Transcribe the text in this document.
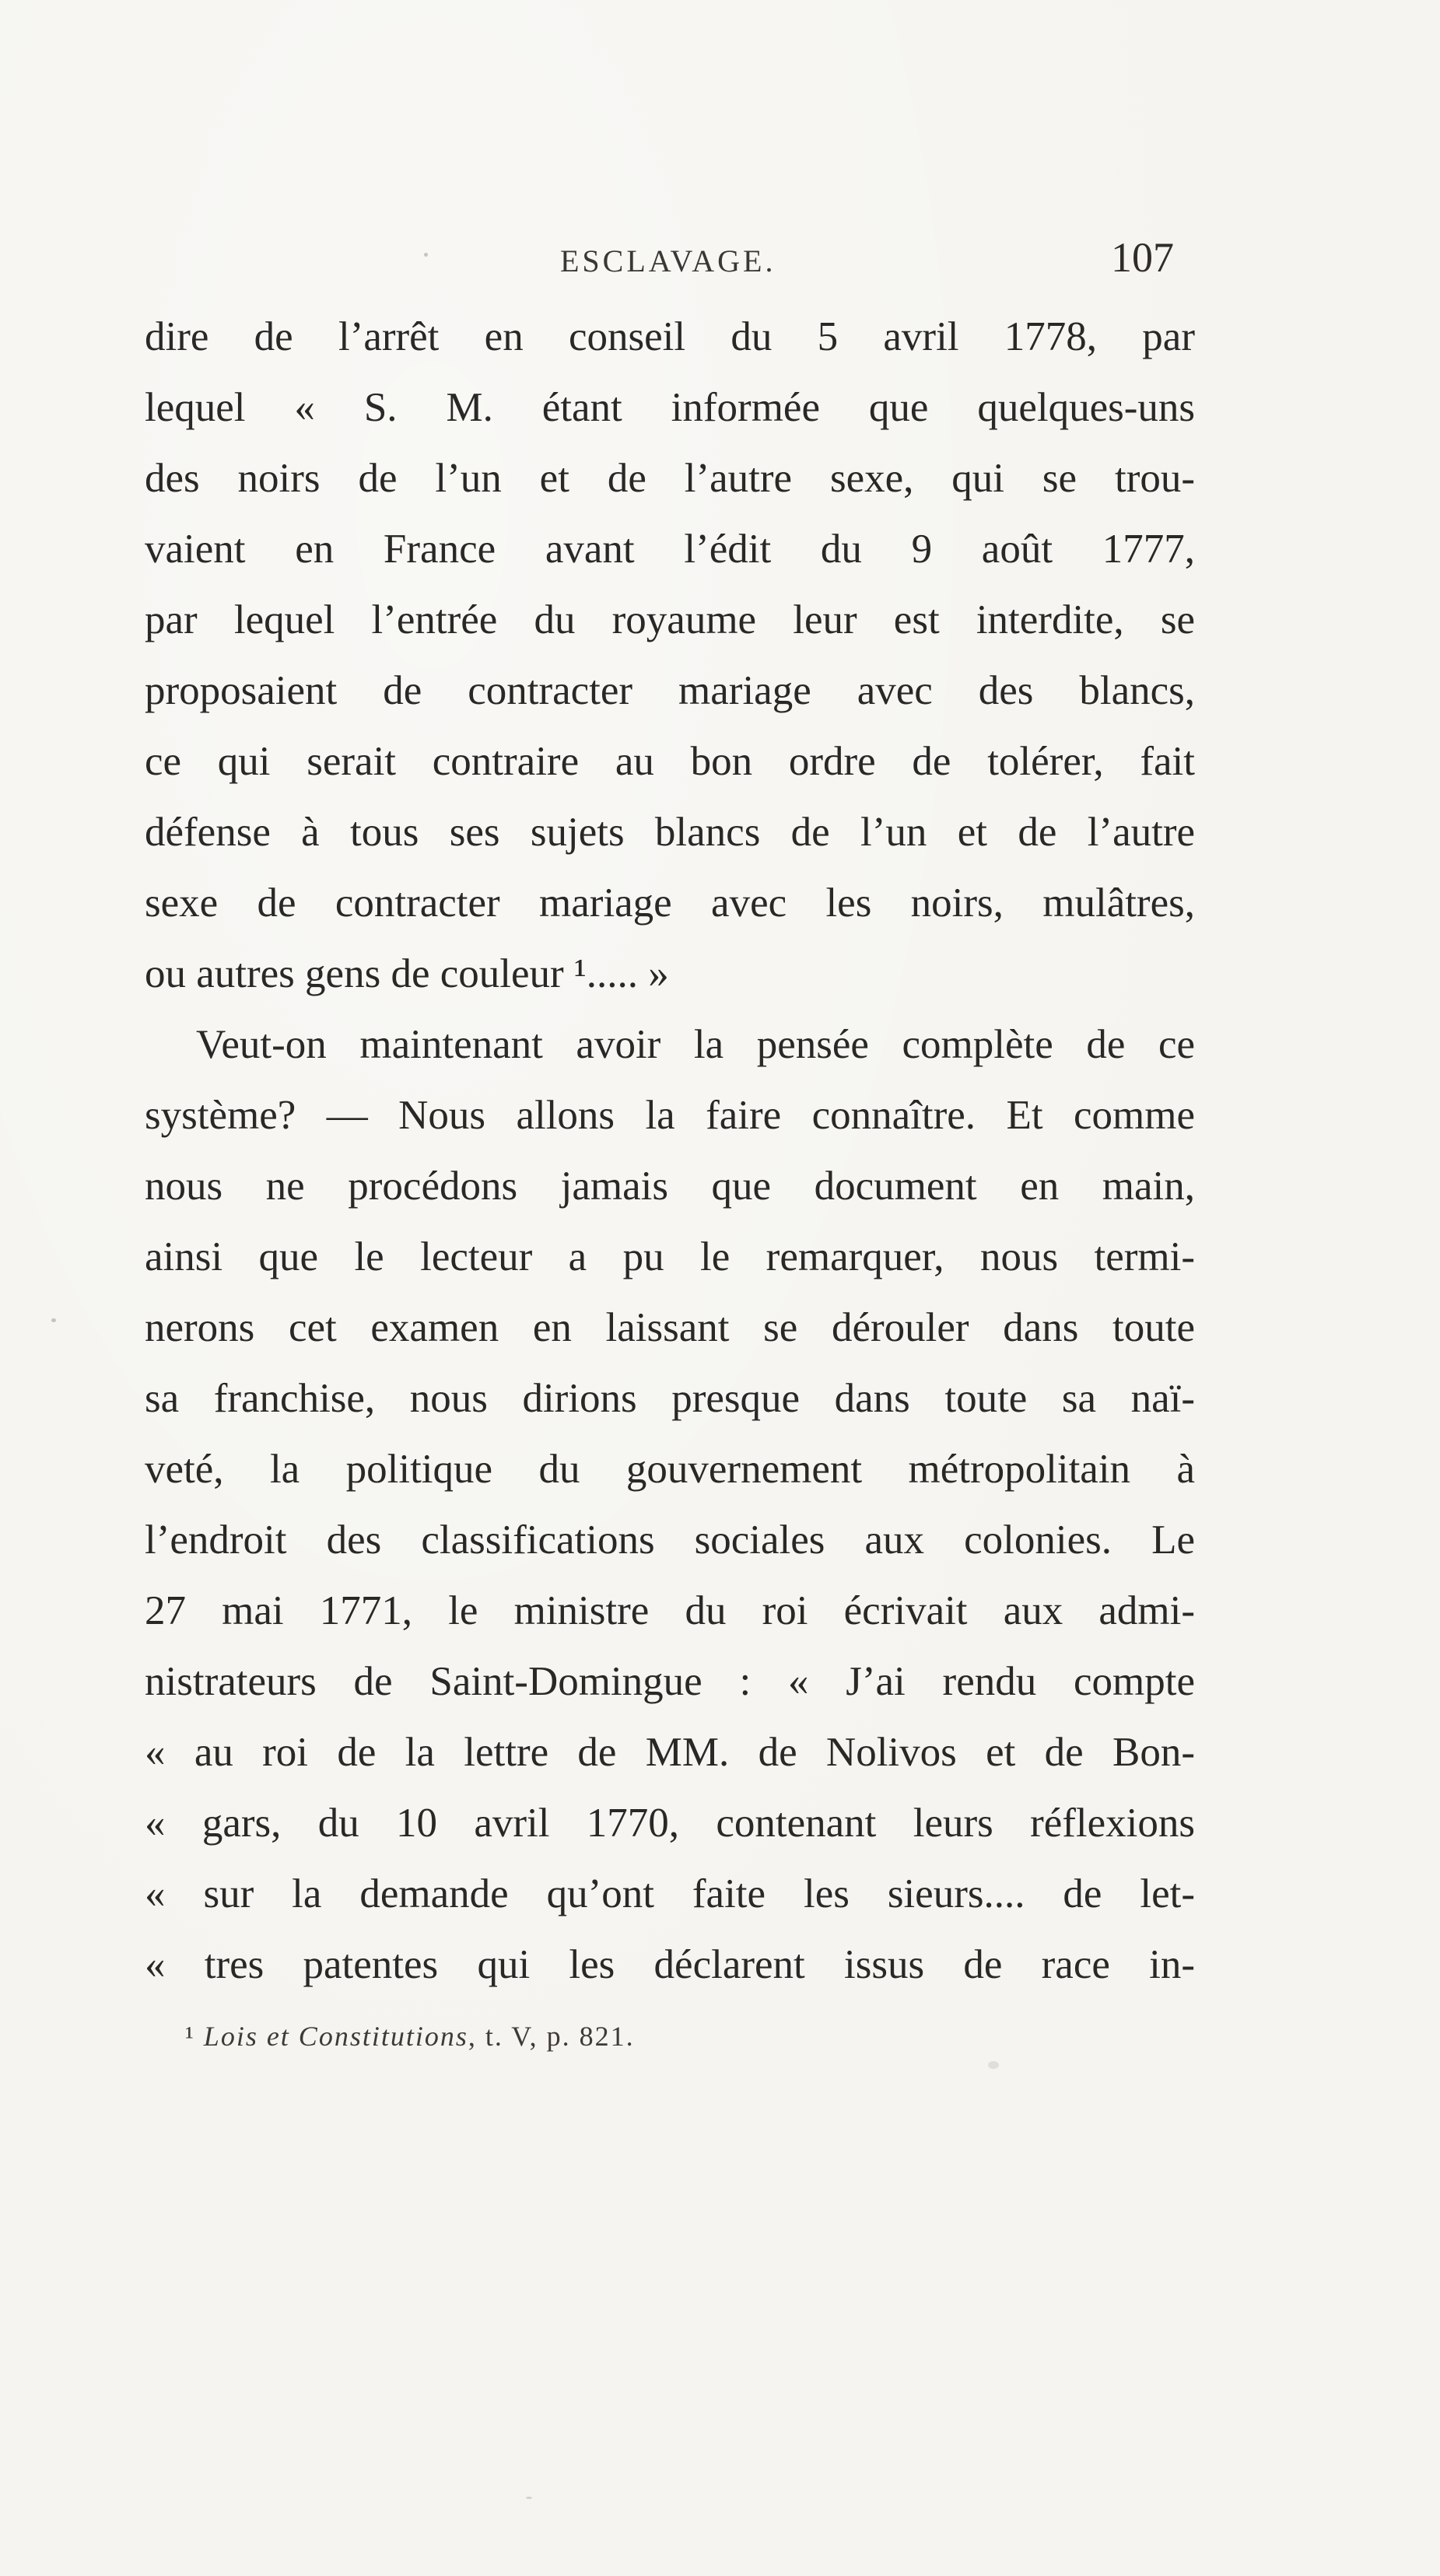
ESCLAVAGE.	107
dire de l’arrêt en conseil du 5 avril 1778, par
lequel « S. M. étant informée que quelques-uns
des noirs de l’un et de l’autre sexe, qui se trou-
vaient en France avant l’édit du 9 août 1777,
par lequel l’entrée du royaume leur est interdite, se
proposaient de contracter mariage avec des blancs,
ce qui serait contraire au bon ordre de tolérer, fait
défense à tous ses sujets blancs de l’un et de l’autre
sexe de contracter mariage avec les noirs, mulâtres,
ou autres gens de couleur ¹..... »
Veut-on maintenant avoir la pensée complète de ce
système? — Nous allons la faire connaître. Et comme
nous ne procédons jamais que document en main,
ainsi que le lecteur a pu le remarquer, nous termi-
nerons cet examen en laissant se dérouler dans toute
sa franchise, nous dirions presque dans toute sa naï-
veté, la politique du gouvernement métropolitain à
l’endroit des classifications sociales aux colonies. Le
27 mai 1771, le ministre du roi écrivait aux admi-
nistrateurs de Saint-Domingue : « J’ai rendu compte
« au roi de la lettre de MM. de Nolivos et de Bon-
« gars, du 10 avril 1770, contenant leurs réflexions
« sur la demande qu’ont faite les sieurs.... de let-
« tres patentes qui les déclarent issus de race in-
¹ Lois et Constitutions, t. V, p. 821.
